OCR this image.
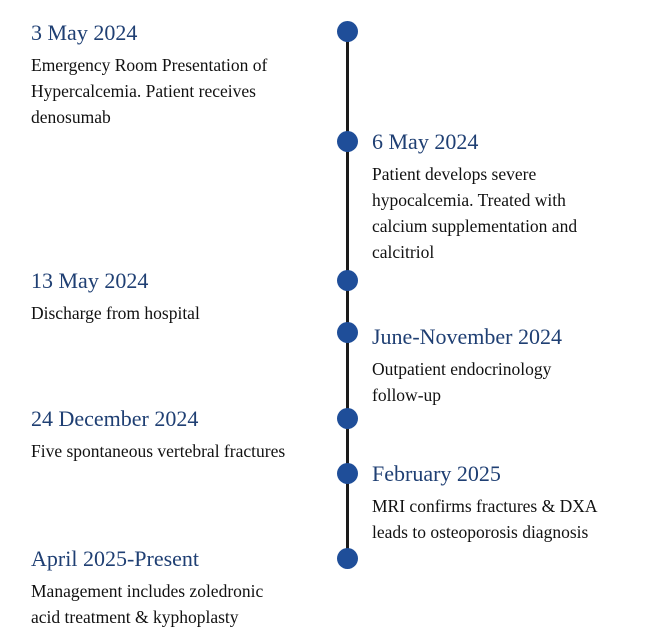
3 May 2024
Emergency Room Presentation of
Hypercalcemia. Patient receives
denosumab
6 May 2024
Patient develops severe
hypocalcemia. Treated with
calcium supplementation and
calcitriol
13 May 2024
Discharge from hospital
June-November 2024
Outpatient endocrinology
follow-up
24 December 2024
Five spontaneous vertebral fractures
February 2025
MRI confirms fractures & DXA
leads to osteoporosis diagnosis
April 2025-Present
Management includes zoledronic
acid treatment & kyphoplasty
